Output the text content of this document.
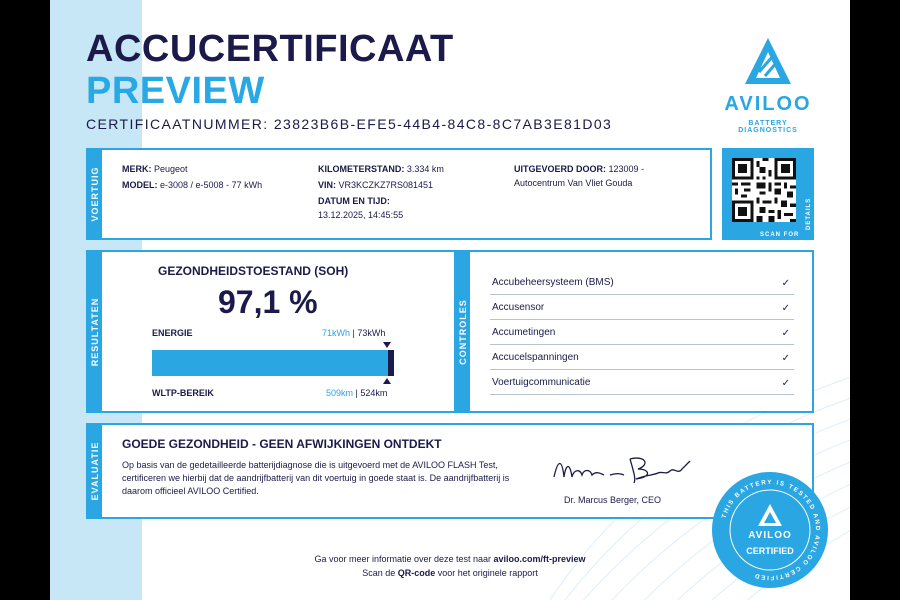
ACCUCERTIFICAAT
PREVIEW
CERTIFICAATNUMMER: 23823B6B-EFE5-44B4-84C8-8C7AB3E81D03
AVILOO
BATTERY DIAGNOSTICS
VOERTUIG MERK: Peugeot
MODEL: e-3008 / e-5008 - 77 kWh
KILOMETERSTAND: 3.334 km
VIN: VR3KCZKZ7RS081451
DATUM EN TIJD:
13.12.2025, 14:45:55
UITGEVOERD DOOR: 123009 -
Autocentrum Van Vliet Gouda
SCAN FOR
DETAILS
RESULTATEN
GEZONDHEIDSTOESTAND (SOH)
97,1 %
ENERGIE	71kWh | 73kWh
WLTP-BEREIK	509km | 524km
CONTROLES
Accubeheersysteem (BMS)	✓
Accusensor	✓
Accumetingen	✓
Accucelspanningen	✓
Voertuigcommunicatie	✓
EVALUATIE GOEDE GEZONDHEID - GEEN AFWIJKINGEN ONTDEKT
Op basis van de gedetailleerde batterijdiagnose die is uitgevoerd met de AVILOO FLASH Test, certificeren we hierbij dat de aandrijfbatterij van dit voertuig in goede staat is. De aandrijfbatterij is daarom officieel AVILOO Certified.
Dr. Marcus Berger, CEO
THIS BATTERY IS TESTED AND AVILOO CERTIFIED
AVILOO
CERTIFIED
Ga voor meer informatie over deze test naar aviloo.com/ft-preview
Scan de QR-code voor het originele rapport
